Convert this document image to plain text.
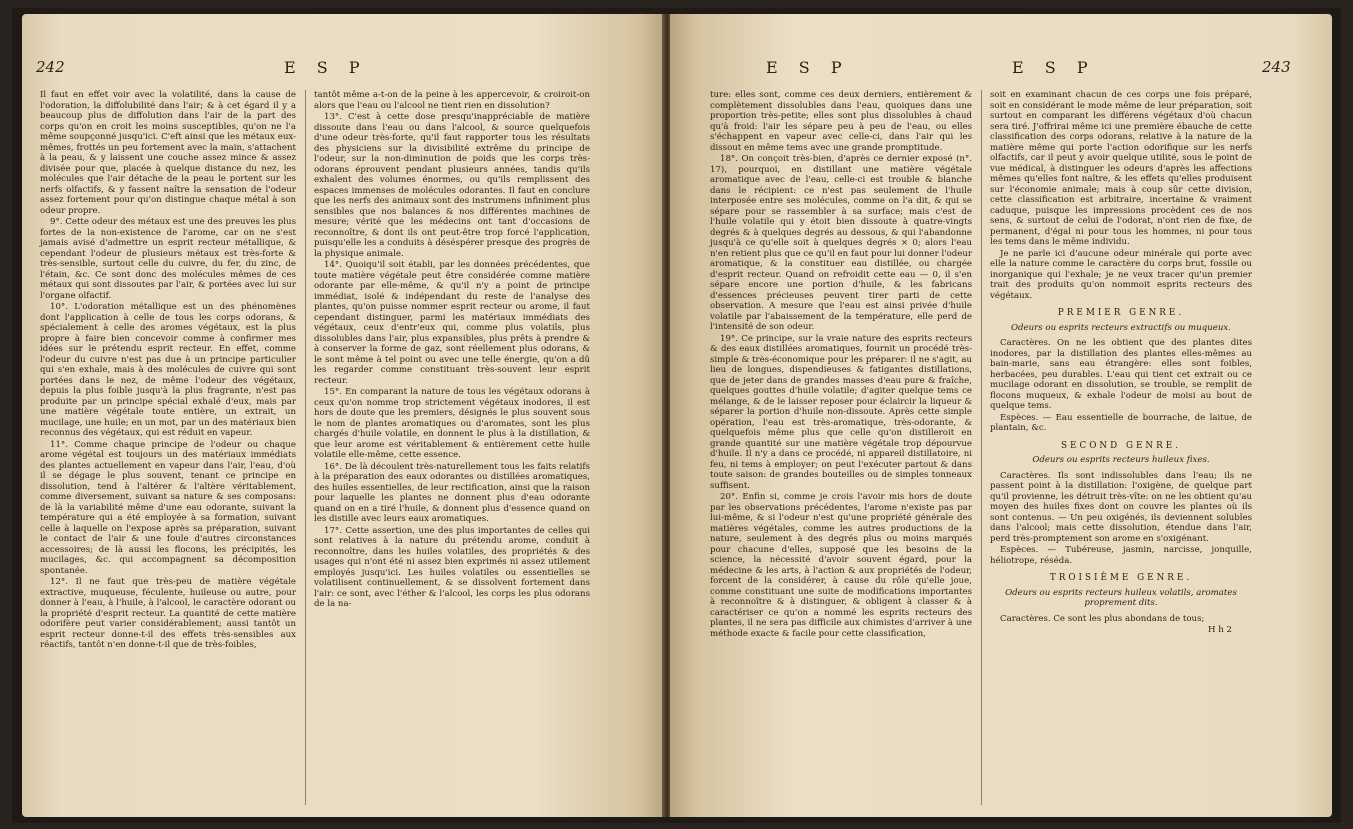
242	E S P

Il faut en effet voir avec la volatilité, dans la cause de l'odoration, la diffolubilité dans l'air; & à cet égard il y a beaucoup plus de diffolution dans l'air de la part des corps qu'on en croit les moins susceptibles, qu'on ne l'a même soupçonné jusqu'ici. C'eft ainsi que les métaux eux-mêmes, frottés un peu fortement avec la main, s'attachent à la peau, & y laissent une couche assez mince & assez divisée pour que, placée à quelque distance du nez, les molécules que l'air détache de la peau le portent sur les nerfs olfactifs, & y fassent naître la sensation de l'odeur assez fortement pour qu'on distingue chaque métal à son odeur propre.

9°. Cette odeur des métaux est une des preuves les plus fortes de la non-existence de l'arome, car on ne s'est jamais avisé d'admettre un esprit recteur métallique, & cependant l'odeur de plusieurs métaux est très-forte & très-sensible, surtout celle du cuivre, du fer, du zinc, de l'étain, &c. Ce sont donc des molécules mêmes de ces métaux qui sont dissoutes par l'air, & portées avec lui sur l'organe olfactif.

10°. L'odoration métallique est un des phénomènes dont l'application à celle de tous les corps odorans, & spécialement à celle des aromes végétaux, est la plus propre à faire bien concevoir comme à confirmer mes idées sur le prétendu esprit recteur. En effet, comme l'odeur du cuivre n'est pas due à un principe particulier qui s'en exhale, mais à des molécules de cuivre qui sont portées dans le nez, de même l'odeur des végétaux, depuis la plus foible jusqu'à la plus fragrante, n'est pas produite par un principe spécial exhalé d'eux, mais par une matière végétale toute entière, un extrait, un mucilage, une huile; en un mot, par un des matériaux bien reconnus des végétaux, qui est réduit en vapeur.

11°. Comme chaque principe de l'odeur ou chaque arome végétal est toujours un des matériaux immédiats des plantes actuellement en vapeur dans l'air, l'eau, d'où il se dégage le plus souvent, tenant ce principe en dissolution, tend à l'altérer & l'altère véritablement, comme diversement, suivant sa nature & ses composans: de là la variabilité même d'une eau odorante, suivant la température qui a été employée à sa formation, suivant celle à laquelle on l'expose après sa préparation, suivant le contact de l'air & une foule d'autres circonstances accessoires; de là aussi les flocons, les précipités, les mucilages, &c. qui accompagnent sa décomposition spontanée.

12°. Il ne faut que très-peu de matière végétale extractive, muqueuse, féculente, huileuse ou autre, pour donner à l'eau, à l'huile, à l'alcool, le caractère odorant ou la propriété d'esprit recteur. La quantité de cette matière odorifère peut varier considérablement; aussi tantôt un esprit recteur donne-t-il des effets très-sensibles aux réactifs, tantôt n'en donne-t-il que de très-foibles,

tantôt même a-t-on de la peine à les appercevoir, & croiroit-on alors que l'eau ou l'alcool ne tient rien en dissolution?

13°. C'est à cette dose presqu'inappréciable de matière dissoute dans l'eau ou dans l'alcool, & source quelquefois d'une odeur très-forte, qu'il faut rapporter tous les résultats des physiciens sur la divisibilité extrême du principe de l'odeur, sur la non-diminution de poids que les corps très-odorans éprouvent pendant plusieurs années, tandis qu'ils exhalent des volumes énormes, ou qu'ils remplissent des espaces immenses de molécules odorantes. Il faut en conclure que les nerfs des animaux sont des instrumens infiniment plus sensibles que nos balances & nos différentes machines de mesure; vérité que les médecins ont tant d'occasions de reconnoître, & dont ils ont peut-être trop forcé l'application, puisqu'elle les a conduits à déséspérer presque des progrès de la physique animale.

14°. Quoiqu'il soit établi, par les données précédentes, que toute matière végétale peut être considérée comme matière odorante par elle-même, & qu'il n'y a point de principe immédiat, isolé & indépendant du reste de l'analyse des plantes, qu'on puisse nommer esprit recteur ou arome, il faut cependant distinguer, parmi les matériaux immédiats des végétaux, ceux d'entr'eux qui, comme plus volatils, plus dissolubles dans l'air, plus expansibles, plus prêts à prendre & à conserver la forme de gaz, sont réellement plus odorans, & le sont même à tel point ou avec une telle énergie, qu'on a dû les regarder comme constituant très-souvent leur esprit recteur.

15°. En comparant la nature de tous les végétaux odorans à ceux qu'on nomme trop strictement végétaux inodores, il est hors de doute que les premiers, désignés le plus souvent sous le nom de plantes aromatiques ou d'aromates, sont les plus chargés d'huile volatile, en donnent le plus à la distillation, & que leur arome est véritablement & entièrement cette huile volatile elle-même, cette essence.

16°. De là découlent très-naturellement tous les faits relatifs à la préparation des eaux odorantes ou distillées aromatiques, des huiles essentielles, de leur rectification, ainsi que la raison pour laquelle les plantes ne donnent plus d'eau odorante quand on en a tiré l'huile, & donnent plus d'essence quand on les distille avec leurs eaux aromatiques.

17°. Cette assertion, une des plus importantes de celles qui sont relatives à la nature du prétendu arome, conduit à reconnoître, dans les huiles volatiles, des propriétés & des usages qui n'ont été ni assez bien exprimés ni assez utilement employés jusqu'ici. Les huiles volatiles ou essentielles se volatilisent continuellement, & se dissolvent fortement dans l'air: ce sont, avec l'éther & l'alcool, les corps les plus odorans de la na-

E S P	E S P	243

ture: elles sont, comme ces deux derniers, entièrement & complètement dissolubles dans l'eau, quoiques dans une proportion très-petite; elles sont plus dissolubles à chaud qu'à froid: l'air les sépare peu à peu de l'eau, ou elles s'échappent en vapeur avec celle-ci, dans l'air qui les dissout en même tems avec une grande promptitude.

18°. On conçoit très-bien, d'après ce dernier exposé (n°. 17), pourquoi, en distillant une matière végétale aromatique avec de l'eau, celle-ci est trouble & blanche dans le récipient: ce n'est pas seulement de l'huile interposée entre ses molécules, comme on l'a dit, & qui se sépare pour se rassembler à sa surface; mais c'est de l'huile volatile qui y étoit bien dissoute à quatre-vingts degrés & à quelques degrés au dessous, & qui l'abandonne jusqu'à ce qu'elle soit à quelques degrés × 0; alors l'eau n'en retient plus que ce qu'il en faut pour lui donner l'odeur aromatique, & la constituer eau distillée, ou chargée d'esprit recteur. Quand on refroidit cette eau — 0, il s'en sépare encore une portion d'huile, & les fabricans d'essences précieuses peuvent tirer parti de cette observation. A mesure que l'eau est ainsi privée d'huile volatile par l'abaissement de la température, elle perd de l'intensité de son odeur.

19°. Ce principe, sur la vraie nature des esprits recteurs & des eaux distillées aromatiques, fournit un procédé très-simple & très-économique pour les préparer: il ne s'agit, au lieu de longues, dispendieuses & fatigantes distillations, que de jeter dans de grandes masses d'eau pure & fraîche, quelques gouttes d'huile volatile; d'agiter quelque tems ce mélange, & de le laisser reposer pour éclaircir la liqueur & séparer la portion d'huile non-dissoute. Après cette simple opération, l'eau est très-aromatique, très-odorante, & quelquefois même plus que celle qu'on distilleroit en grande quantité sur une matière végétale trop dépourvue d'huile. Il n'y a dans ce procédé, ni appareil distillatoire, ni feu, ni tems à employer; on peut l'exécuter partout & dans toute saison: de grandes bouteilles ou de simples tonneaux suffisent.

20°. Enfin si, comme je crois l'avoir mis hors de doute par les observations précédentes, l'arome n'existe pas par lui-même, & si l'odeur n'est qu'une propriété générale des matières végétales, comme les autres productions de la nature, seulement à des degrés plus ou moins marqués pour chacune d'elles, supposé que les besoins de la science, la nécessité d'avoir souvent égard, pour la médecine & les arts, à l'action & aux propriétés de l'odeur, forcent de la considérer, à cause du rôle qu'elle joue, comme constituant une suite de modifications importantes à reconnoître & à distinguer, & obligent à classer & à caractériser ce qu'on a nommé les esprits recteurs des plantes, il ne sera pas difficile aux chimistes d'arriver à une méthode exacte & facile pour cette classification,

soit en examinant chacun de ces corps une fois préparé, soit en considérant le mode même de leur préparation, soit surtout en comparant les différens végétaux d'où chacun sera tiré. J'offrirai même ici une première ébauche de cette classification des corps odorans, relative à la nature de la matière même qui porte l'action odorifique sur les nerfs olfactifs, car il peut y avoir quelque utilité, sous le point de vue médical, à distinguer les odeurs d'après les affections mêmes qu'elles font naître, & les effets qu'elles produisent sur l'économie animale; mais à coup sûr cette division, cette classification est arbitraire, incertaine & vraiment caduque, puisque les impressions procèdent ces de nos sens, & surtout de celui de l'odorat, n'ont rien de fixe, de permanent, d'égal ni pour tous les hommes, ni pour tous les tems dans le même individu.

Je ne parle ici d'aucune odeur minérale qui porte avec elle la nature comme le caractère du corps brut, fossile ou inorganique qui l'exhale; je ne veux tracer qu'un premier trait des produits qu'on nommoit esprits recteurs des végétaux.

PREMIER GENRE.

Odeurs ou esprits recteurs extractifs ou muqueux.

Caractères. On ne les obtient que des plantes dites inodores, par la distillation des plantes elles-mêmes au bain-marie, sans eau étrangère: elles sont foibles, herbacées, peu durables. L'eau qui tient cet extrait ou ce mucilage odorant en dissolution, se trouble, se remplit de flocons muqueux, & exhale l'odeur de moisi au bout de quelque tems.

Espèces. — Eau essentielle de bourrache, de laitue, de plantain, &c.

SECOND GENRE.

Odeurs ou esprits recteurs huileux fixes.

Caractères. Ils sont indissolubles dans l'eau; ils ne passent point à la distillation: l'oxigène, de quelque part qu'il provienne, les détruit très-vîte: on ne les obtient qu'au moyen des huiles fixes dont on couvre les plantes où ils sont contenus. — Un peu oxigénés, ils deviennent solubles dans l'alcool; mais cette dissolution, étendue dans l'air, perd très-promptement son arome en s'oxigénant.

Espèces. — Tubéreuse, jasmin, narcisse, jonquille, héliotrope, réséda.

TROISIÈME GENRE.

Odeurs ou esprits recteurs huileux volatils, aromates proprement dits.

Caractères. Ce sont les plus abondans de tous;

H h 2
